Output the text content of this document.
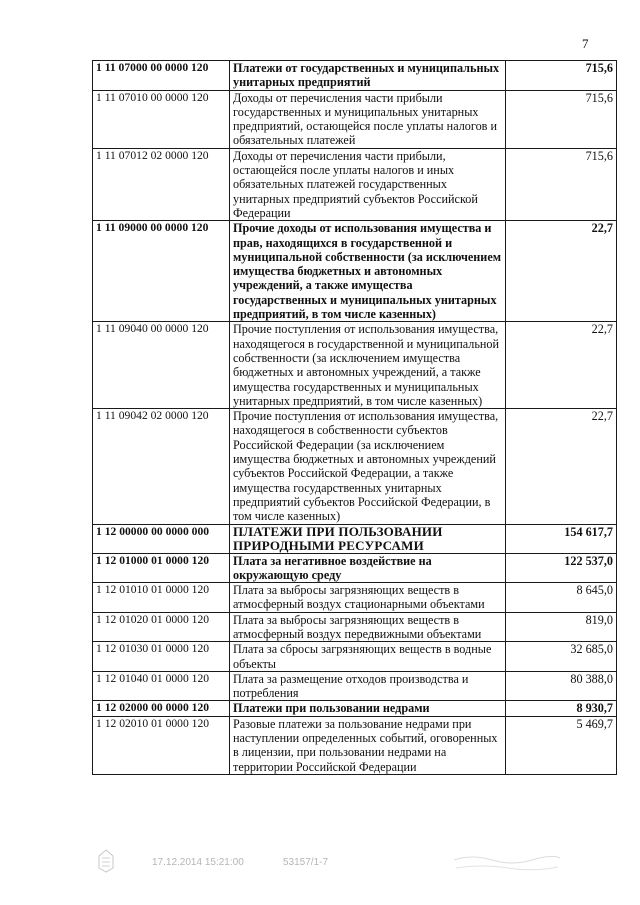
7
1 11 07000 00 0000 120	Платежи от государственных и муниципальных унитарных предприятий	715,6
1 11 07010 00 0000 120	Доходы от перечисления части прибыли государственных и муниципальных унитарных предприятий, остающейся после уплаты налогов и обязательных платежей	715,6
1 11 07012 02 0000 120	Доходы от перечисления части прибыли, остающейся после уплаты налогов и иных обязательных платежей государственных унитарных предприятий субъектов Российской Федерации	715,6
1 11 09000 00 0000 120	Прочие доходы от использования имущества и прав, находящихся в государственной и муниципальной собственности (за исключением имущества бюджетных и автономных учреждений, а также имущества государственных и муниципальных унитарных предприятий, в том числе казенных)	22,7
1 11 09040 00 0000 120	Прочие поступления от использования имущества, находящегося в государственной и муниципальной собственности (за исключением имущества бюджетных и автономных учреждений, а также имущества государственных и муниципальных унитарных предприятий, в том числе казенных)	22,7
1 11 09042 02 0000 120	Прочие поступления от использования имущества, находящегося в собственности субъектов Российской Федерации (за исключением имущества бюджетных и автономных учреждений субъектов Российской Федерации, а также имущества государственных унитарных предприятий субъектов Российской Федерации, в том числе казенных)	22,7
1 12 00000 00 0000 000	ПЛАТЕЖИ ПРИ ПОЛЬЗОВАНИИ ПРИРОДНЫМИ РЕСУРСАМИ	154 617,7
1 12 01000 01 0000 120	Плата за негативное воздействие на окружающую среду	122 537,0
1 12 01010 01 0000 120	Плата за выбросы загрязняющих веществ в атмосферный воздух стационарными объектами	8 645,0
1 12 01020 01 0000 120	Плата за выбросы загрязняющих веществ в атмосферный воздух передвижными объектами	819,0
1 12 01030 01 0000 120	Плата за сбросы загрязняющих веществ в водные объекты	32 685,0
1 12 01040 01 0000 120	Плата за размещение отходов производства и потребления	80 388,0
1 12 02000 00 0000 120	Платежи при пользовании недрами	8 930,7
1 12 02010 01 0000 120	Разовые платежи за пользование недрами при наступлении определенных событий, оговоренных в лицензии, при пользовании недрами на территории Российской Федерации	5 469,7
17.12.2014 15:21:00	53157/1-7
